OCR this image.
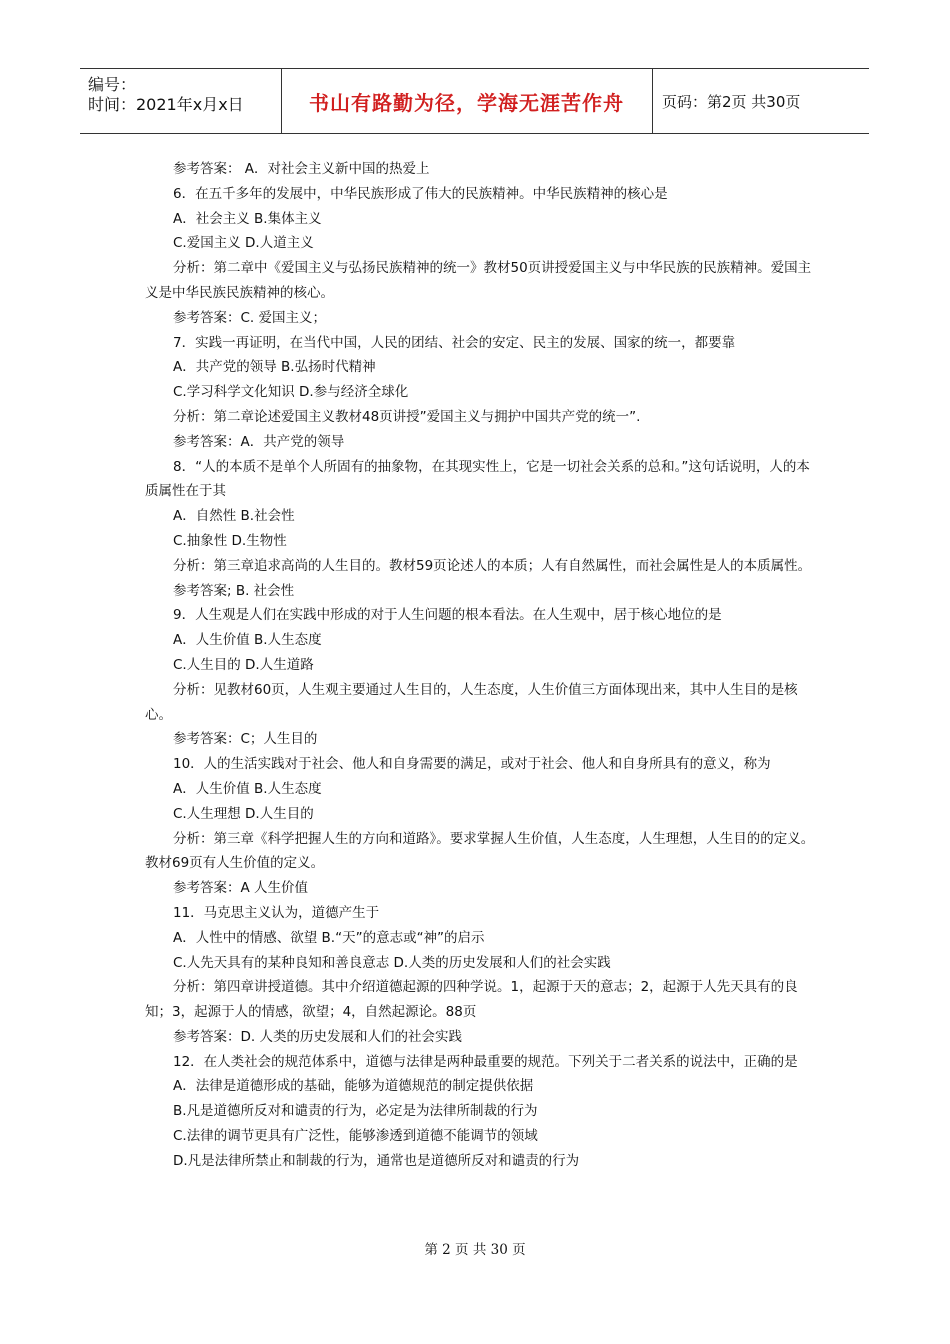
编号：
时间：2021年x月x日	书山有路勤为径，学海无涯苦作舟	页码：第2页 共30页

参考答案： A．对社会主义新中国的热爱上

6．在五千多年的发展中，中华民族形成了伟大的民族精神。中华民族精神的核心是

A．社会主义 B.集体主义

C.爱国主义 D.人道主义

分析：第二章中《爱国主义与弘扬民族精神的统一》教材50页讲授爱国主义与中华民族的民族精神。爱国主义是中华民族民族精神的核心。

参考答案：C. 爱国主义；

7．实践一再证明，在当代中国，人民的团结、社会的安定、民主的发展、国家的统一，都要靠

A．共产党的领导 B.弘扬时代精神

C.学习科学文化知识 D.参与经济全球化

分析：第二章论述爱国主义教材48页讲授”爱国主义与拥护中国共产党的统一”.

参考答案：A．共产党的领导

8．“人的本质不是单个人所固有的抽象物，在其现实性上，它是一切社会关系的总和。”这句话说明，人的本质属性在于其

A．自然性 B.社会性

C.抽象性 D.生物性

分析：第三章追求高尚的人生目的。教材59页论述人的本质；人有自然属性，而社会属性是人的本质属性。

参考答案; B. 社会性

9．人生观是人们在实践中形成的对于人生问题的根本看法。在人生观中，居于核心地位的是

A．人生价值 B.人生态度

C.人生目的 D.人生道路

分析：见教材60页，人生观主要通过人生目的，人生态度，人生价值三方面体现出来，其中人生目的是核心。

参考答案：C；人生目的

10．人的生活实践对于社会、他人和自身需要的满足，或对于社会、他人和自身所具有的意义，称为

A．人生价值 B.人生态度

C.人生理想 D.人生目的

分析：第三章《科学把握人生的方向和道路》。要求掌握人生价值，人生态度，人生理想，人生目的的定义。教材69页有人生价值的定义。

参考答案：A 人生价值

11．马克思主义认为，道德产生于

A．人性中的情感、欲望 B.“天”的意志或“神”的启示

C.人先天具有的某种良知和善良意志 D.人类的历史发展和人们的社会实践

分析：第四章讲授道德。其中介绍道德起源的四种学说。1，起源于天的意志；2，起源于人先天具有的良知；3，起源于人的情感，欲望；4，自然起源论。88页

参考答案：D. 人类的历史发展和人们的社会实践

12．在人类社会的规范体系中，道德与法律是两种最重要的规范。下列关于二者关系的说法中，正确的是

A．法律是道德形成的基础，能够为道德规范的制定提供依据

B.凡是道德所反对和谴责的行为，必定是为法律所制裁的行为

C.法律的调节更具有广泛性，能够渗透到道德不能调节的领域

D.凡是法律所禁止和制裁的行为，通常也是道德所反对和谴责的行为

第 2 页 共 30 页
